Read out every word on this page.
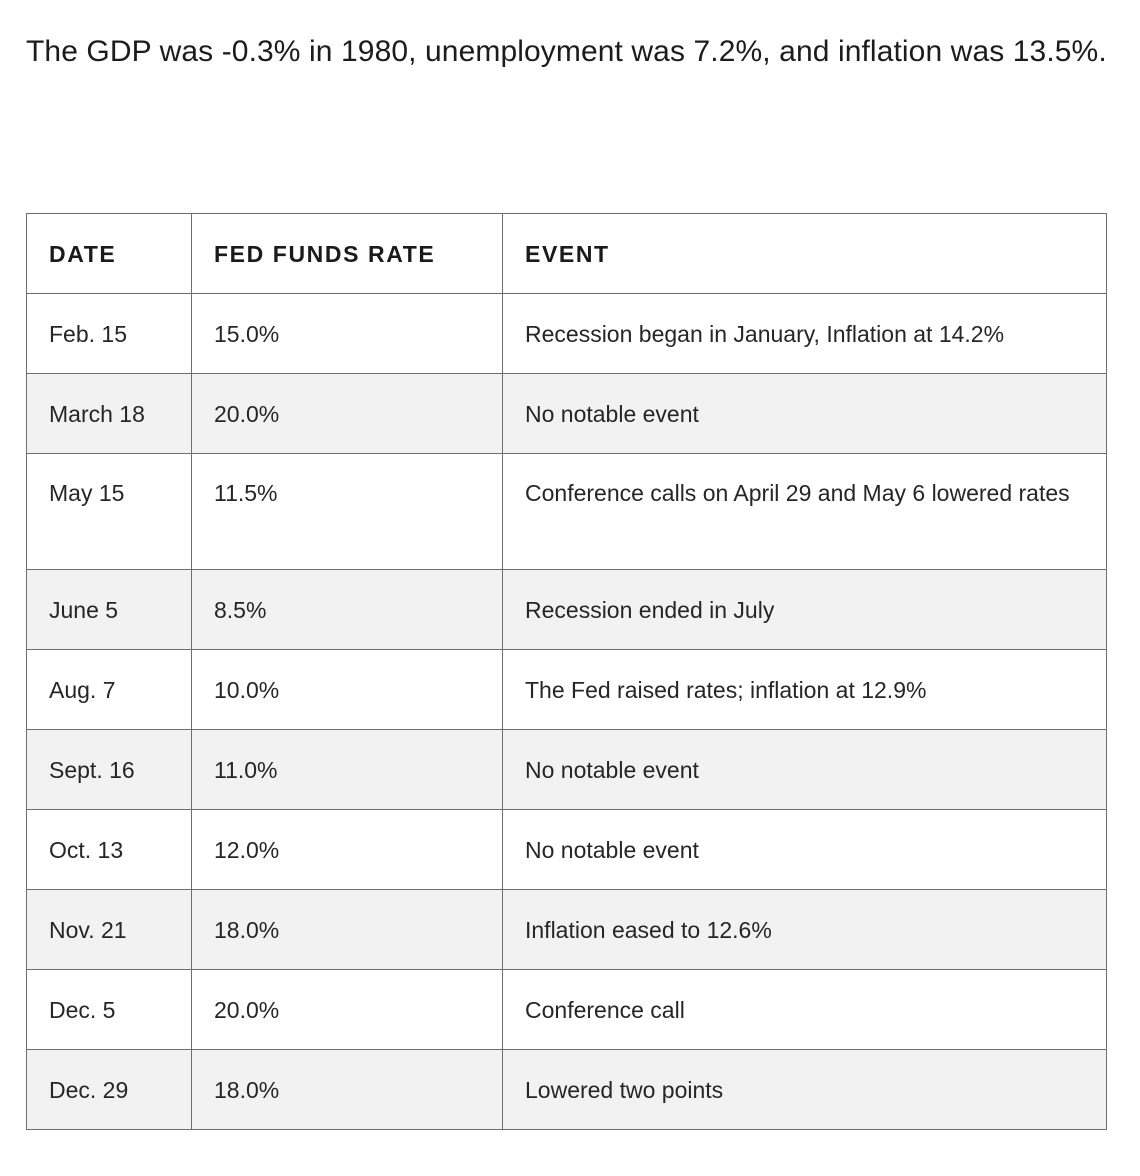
The GDP was -0.3% in 1980, unemployment was 7.2%, and inflation was 13.5%.

DATE	FED FUNDS RATE	EVENT
Feb. 15	15.0%	Recession began in January, Inflation at 14.2%
March 18	20.0%	No notable event
May 15	11.5%	Conference calls on April 29 and May 6 lowered rates
June 5	8.5%	Recession ended in July
Aug. 7	10.0%	The Fed raised rates; inflation at 12.9%
Sept. 16	11.0%	No notable event
Oct. 13	12.0%	No notable event
Nov. 21	18.0%	Inflation eased to 12.6%
Dec. 5	20.0%	Conference call
Dec. 29	18.0%	Lowered two points
